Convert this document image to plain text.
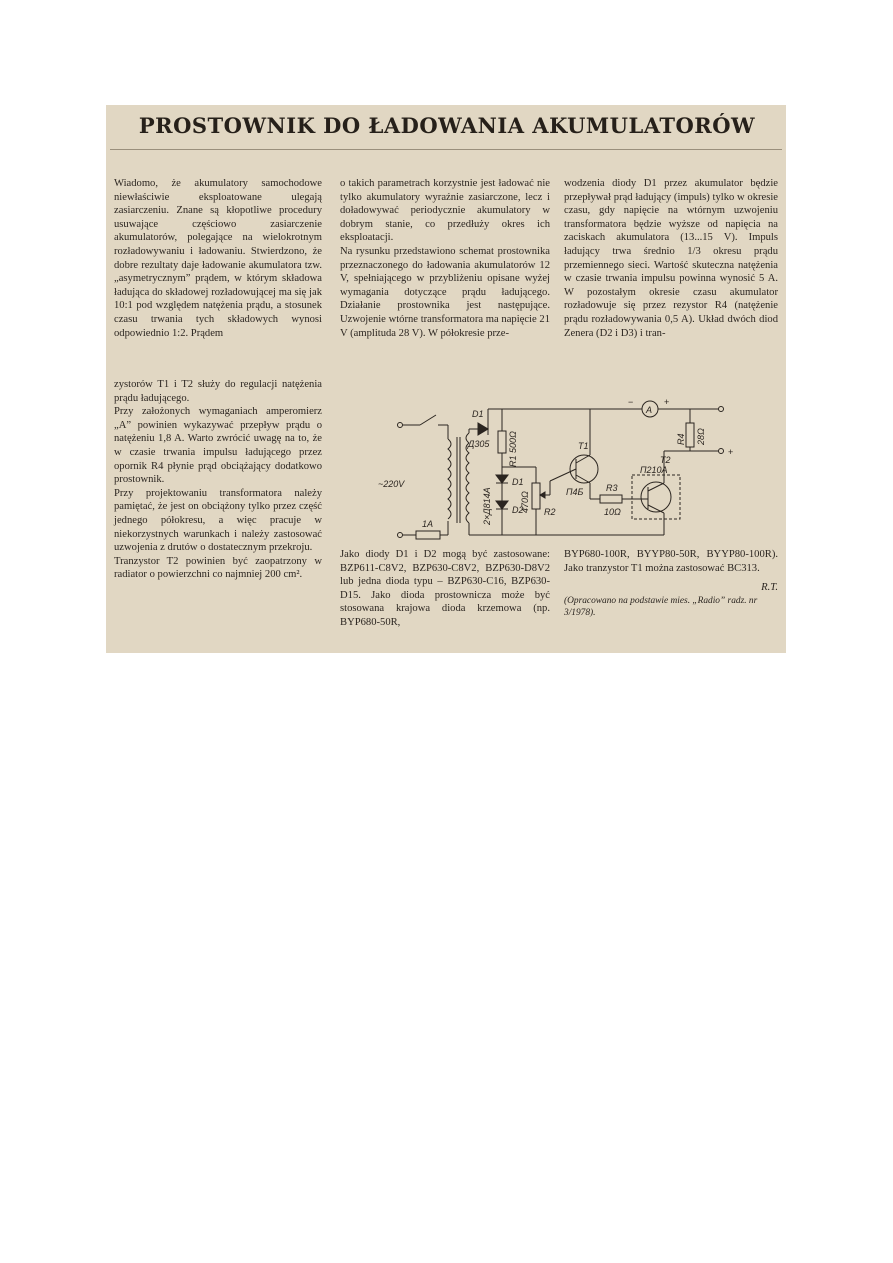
PROSTOWNIK DO ŁADOWANIA AKUMULATORÓW

Wiadomo, że akumulatory samochodowe niewłaściwie eksploatowane ulegają zasiarczeniu. Znane są kłopotliwe procedury usuwające częściowo zasiarczenie akumulatorów, polegające na wielokrotnym rozładowywaniu i ładowaniu. Stwierdzono, że dobre rezultaty daje ładowanie akumulatora tzw. „asymetrycznym” prądem, w którym składowa ładująca do składowej rozładowującej ma się jak 10:1 pod względem natężenia prądu, a stosunek czasu trwania tych składowych wynosi odpowiednio 1:2. Prądem

o takich parametrach korzystnie jest ładować nie tylko akumulatory wyraźnie zasiarczone, lecz i doładowywać periodycznie akumulatory w dobrym stanie, co przedłuży okres ich eksploatacji.

Na rysunku przedstawiono schemat prostownika przeznaczonego do ładowania akumulatorów 12 V, spełniającego w przybliżeniu opisane wyżej wymagania dotyczące prądu ładującego. Działanie prostownika jest następujące. Uzwojenie wtórne transformatora ma napięcie 21 V (amplituda 28 V). W półokresie prze-

wodzenia diody D1 przez akumulator będzie przepływał prąd ładujący (impuls) tylko w okresie czasu, gdy napięcie na wtórnym uzwojeniu transformatora będzie wyższe od napięcia na zaciskach akumulatora (13...15 V). Impuls ładujący trwa średnio 1/3 okresu prądu przemiennego sieci. Wartość skuteczna natężenia w czasie trwania impulsu powinna wynosić 5 A. W pozostałym okresie czasu akumulator rozładowuje się przez rezystor R4 (natężenie prądu rozładowywania 0,5 A). Układ dwóch diod Zenera (D2 i D3) i tran-

zystorów T1 i T2 służy do regulacji natężenia prądu ładującego.

Przy założonych wymaganiach amperomierz „A” powinien wykazywać przepływ prądu o natężeniu 1,8 A. Warto zwrócić uwagę na to, że w czasie trwania impulsu ładującego przez opornik R4 płynie prąd obciążający dodatkowo prostownik.

Przy projektowaniu transformatora należy pamiętać, że jest on obciążony tylko przez część jednego półokresu, a więc pracuje w niekorzystnych warunkach i należy zastosować uzwojenia z drutów o dostatecznym przekroju.

Tranzystor T2 powinien być zaopatrzony w radiator o powierzchni co najmniej 200 cm².

~220V
1A
D1
Д305 R1 500Ω
D1
D2
2×Д814А	470Ω R2
T1
П4Б	R3
10Ω
T2
П210А
R4 28Ω
A
−	+
+

Jako diody D1 i D2 mogą być zastosowane: BZP611-C8V2, BZP630-C8V2, BZP630-D8V2 lub jedna dioda typu – BZP630-C16, BZP630-D15. Jako dioda prostownicza może być stosowana krajowa dioda krzemowa (np. BYP680-50R,

BYP680-100R, BYYP80-50R, BYYP80-100R). Jako tranzystor T1 można zastosować BC313.

R.T.

(Opracowano na podstawie mies. „Radio” radz. nr 3/1978).
